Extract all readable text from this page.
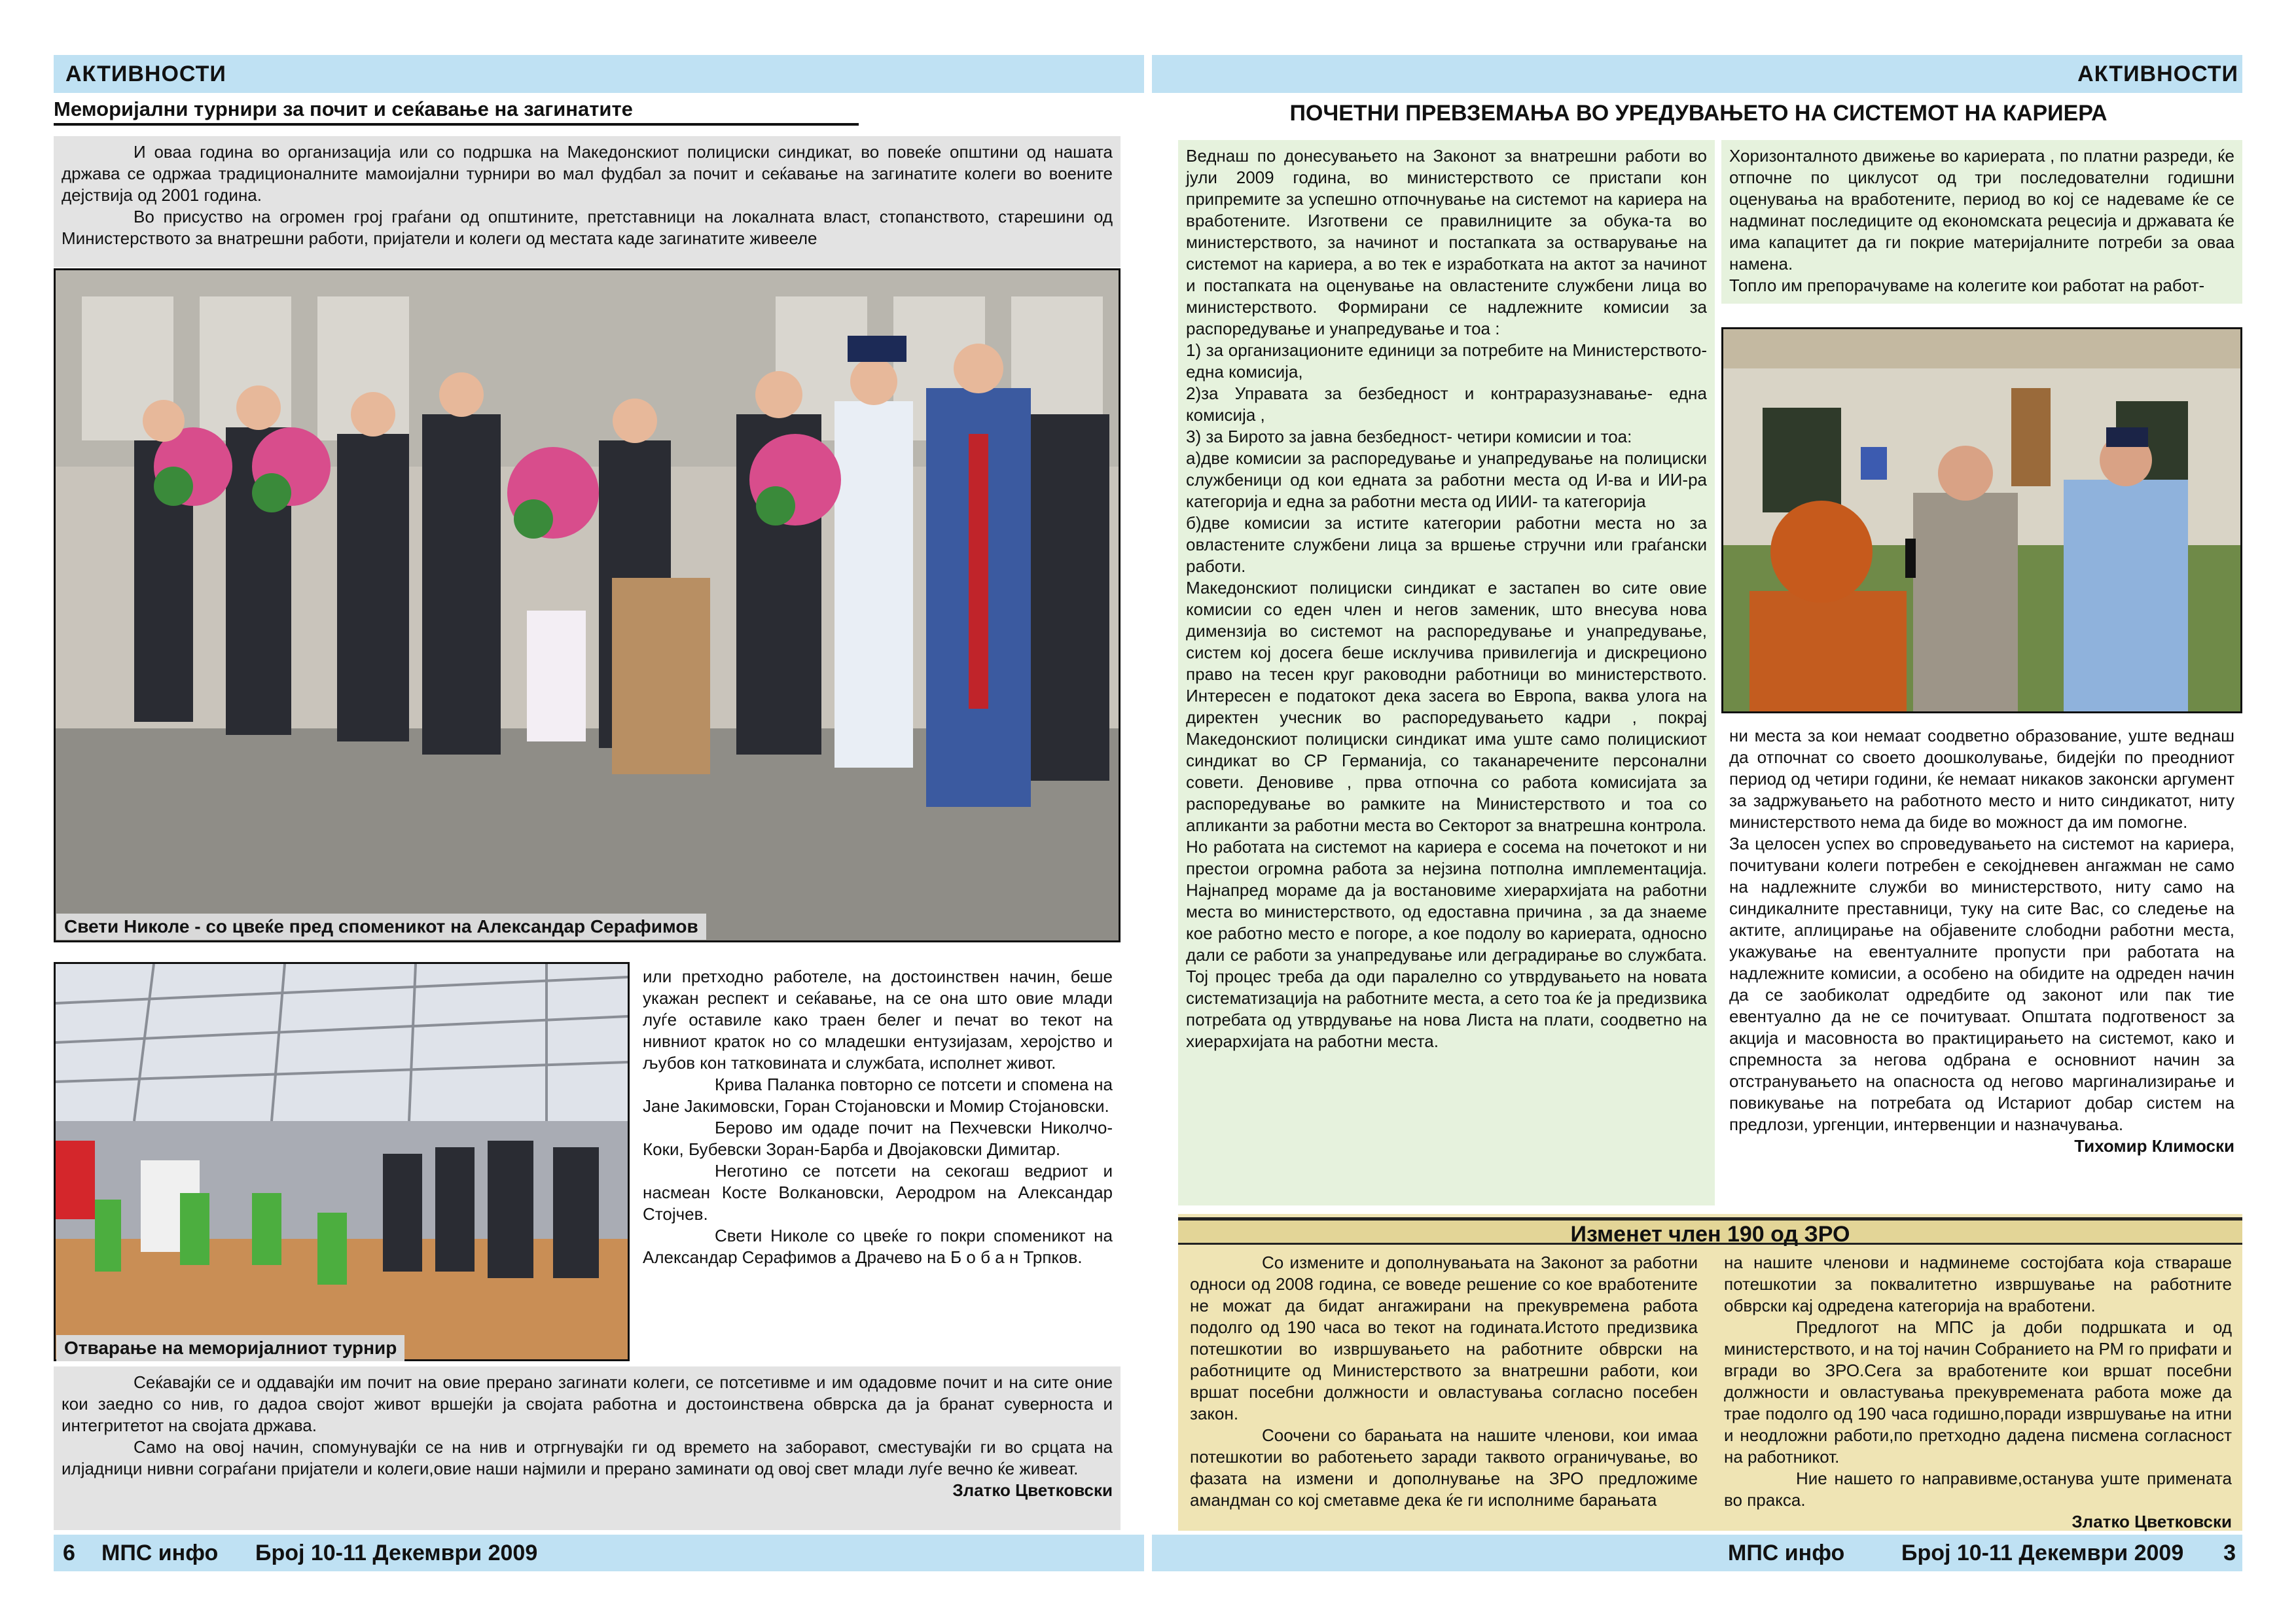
АКТИВНОСТИ
Меморијални турнири за почит и сеќавање на загинатите

И оваа година во организација или со подршка на Македонскиот полициски синдикат, во повеќе општини од нашата држава се одржаа традиционалните мамоијални турнири во мал фудбал за почит и сеќавање на загинатите колеги во воените дејствија од 2001 година.

Во присуство на огромен грој граѓани од општините, претставници на локалната власт, стопанството, старешини од Министерството за внатрешни работи, пријатели и колеги од местата каде загинатите живееле

Свети Николе - со цвеќе пред споменикот на Александар Серафимов
Отварање на меморијалниот турнир

или претходно работеле, на достоинствен начин, беше укажан респект и сеќавање, на се она што овие млади луѓе оставиле како траен белег и печат во текот на нивниот краток но со младешки ентузијазам, херојство и љубов кон татковината и службата, исполнет живот.

Крива Паланка повторно се потсети и спомена на Јане Јакимовски, Горан Стојановски и Момир Стојановски.

Берово им одаде почит на Пехчевски Николчо-Коки, Бубевски Зоран-Барба и Двојаковски Димитар.

Неготино се потсети на секогаш ведриот и насмеан Косте Волкановски, Аеродром на Александар Стојчев.

Свети Николе со цвеќе го покри споменикот на Александар Серафимов а Драчево на Б о б а н Трпков.

Сеќавајќи се и оддавајќи им почит на овие прерано загинати колеги, се потсетивме и им одадовме почит и на сите оние кои заедно со нив, го дадоа својот живот вршејќи ја својата работна и достоинствена обврска да ја бранат суверноста и интегритетот на својата држава.

Само на овој начин, спомунувајќи се на нив и отргнувајќи ги од времето на заборавот, сместувајќи ги во срцата на илјадници нивни сограѓани пријатели и колеги,овие наши најмили и прерано заминати од овој свет млади луѓе вечно ќе живеат.

Златко Цветковски

6 МПС инфо Број 10-11 Декември 2009
АКТИВНОСТИ
ПОЧЕТНИ ПРЕВЗЕМАЊА ВО УРЕДУВАЊЕТО НА СИСТЕМОТ НА КАРИЕРА

Веднаш по донесувањето на Законот за внатрешни работи во јули 2009 година, во министерството се пристапи кон припремите за успешно отпочнување на системот на кариера на вработените. Изготвени се правилниците за обука-та во министерството, за начинот и постапката за остварување на системот на кариера, а во тек е изработката на актот за начинот и постапката на оценување на овластените службени лица во министерството. Формирани се надлежните комисии за распоредување и унапредување и тоа :

1) за организационите единици за потребите на Министерството- една комисија,

2)за Управата за безбедност и контраразузнавање- една комисија ,

3) за Бирото за јавна безбедност- четири комисии и тоа:

а)две комисии за распоредување и унапредување на полициски службеници од кои едната за работни места од И-ва и ИИ-ра категорија и една за работни места од ИИИ- та категорија

б)две комисии за истите категории работни места но за овластените службени лица за вршење стручни или граѓански работи.

Македонскиот полициски синдикат е застапен во сите овие комисии со еден член и негов заменик, што внесува нова димензија во системот на распоредување и унапредување, систем кој досега беше исклучива привилегија и дискреционо право на тесен круг раководни работници во министерството. Интересен е податокот дека засега во Европа, ваква улога на директен учесник во распоредувањето кадри , покрај Македонскиот полициски синдикат има уште само полицискиот синдикат во СР Германија, со таканаречените персонални совети. Деновиве , прва отпочна со работа комисијата за распоредување во рамките на Министерството и тоа со апликанти за работни места во Секторот за внатрешна контрола.

Но работата на системот на кариера е сосема на почетокот и ни престои огромна работа за нејзина потполна имплементација. Најнапред мораме да ја востановиме хиерархијата на работни места во министерството, од едоставна причина , за да знаеме кое работно место е погоре, а кое подолу во кариерата, односно дали се работи за унапредување или деградирање во службата. Тој процес треба да оди паралелно со утврдувањето на новата систематизација на работните места, а сето тоа ќе ја предизвика потребата од утврдување на нова Листа на плати, соодветно на хиерархијата на работни места.

Хоризонталното движење во кариерата , по платни разреди, ќе отпочне по циклусот од три последователни годишни оценувања на вработените, период во кој се надеваме ќе се надминат последиците од економската рецесија и државата ќе има капацитет да ги покрие материјалните потреби за оваа намена.

Топло им препорачуваме на колегите кои работат на работ-

ни места за кои немаат соодветно образование, уште веднаш да отпочнат со своето доошколување, бидејќи по преодниот период од четири години, ќе немаат никаков законски аргумент за задржувањето на работното место и нито синдикатот, ниту министерството нема да биде во можност да им помогне.

За целосен успех во спроведувањето на системот на кариера, почитувани колеги потребен е секојдневен ангажман не само на надлежните служби во министерството, ниту само на синдикалните преставници, туку на сите Вас, со следење на актите, аплицирање на објавените слободни работни места, укажување на евентуалните пропусти при работата на надлежните комисии, а особено на обидите на одреден начин да се заобиколат одредбите од законот или пак тие евентуално да не се почитуваат. Општата подготвеност за акција и масовноста во практицирањето на системот, како и спремноста за негова одбрана е основниот начин за отстранувањето на опасноста од негово маргинализирање и повикување на потребата од Истариот добар систем на предлози, ургенции, интервенции и назначувања.

Тихомир Климоски

Изменет член 190 од ЗРО

Со измените и дополнувањата на Законот за работни односи од 2008 година, се воведе решение со кое вработените не можат да бидат ангажирани на прекувремена работа подолго од 190 часа во текот на годината.Истото предизвика потешкотии во извршувањето на работните обврски на работниците од Министерството за внатрешни работи, кои вршат посебни должности и овластувања согласно посебен закон.

Соочени со барањата на нашите членови, кои имаа потешкотии во работењето заради таквото ограничување, во фазата на измени и дополнување на ЗРО предложиме амандман со кој сметавме дека ќе ги исполниме барањата

на нашите членови и надминеме состојбата која ствараше потешкотии за поквалитетно извршување на работните обврски кај одредена категорија на вработени.

Предлогот на МПС ја доби подршката и од министерството, и на тој начин Собранието на РМ го прифати и вгради во ЗРО.Сега за вработените кои вршат посебни должности и овластувања прекувремената работа може да трае подолго од 190 часа годишно,поради извршување на итни и неодложни работи,по претходно дадена писмена согласност на работникот.

Ние нашето го направивме,останува уште примената во пракса.

Златко Цветковски

МПС инфо	Број 10-11 Декември 2009 3
